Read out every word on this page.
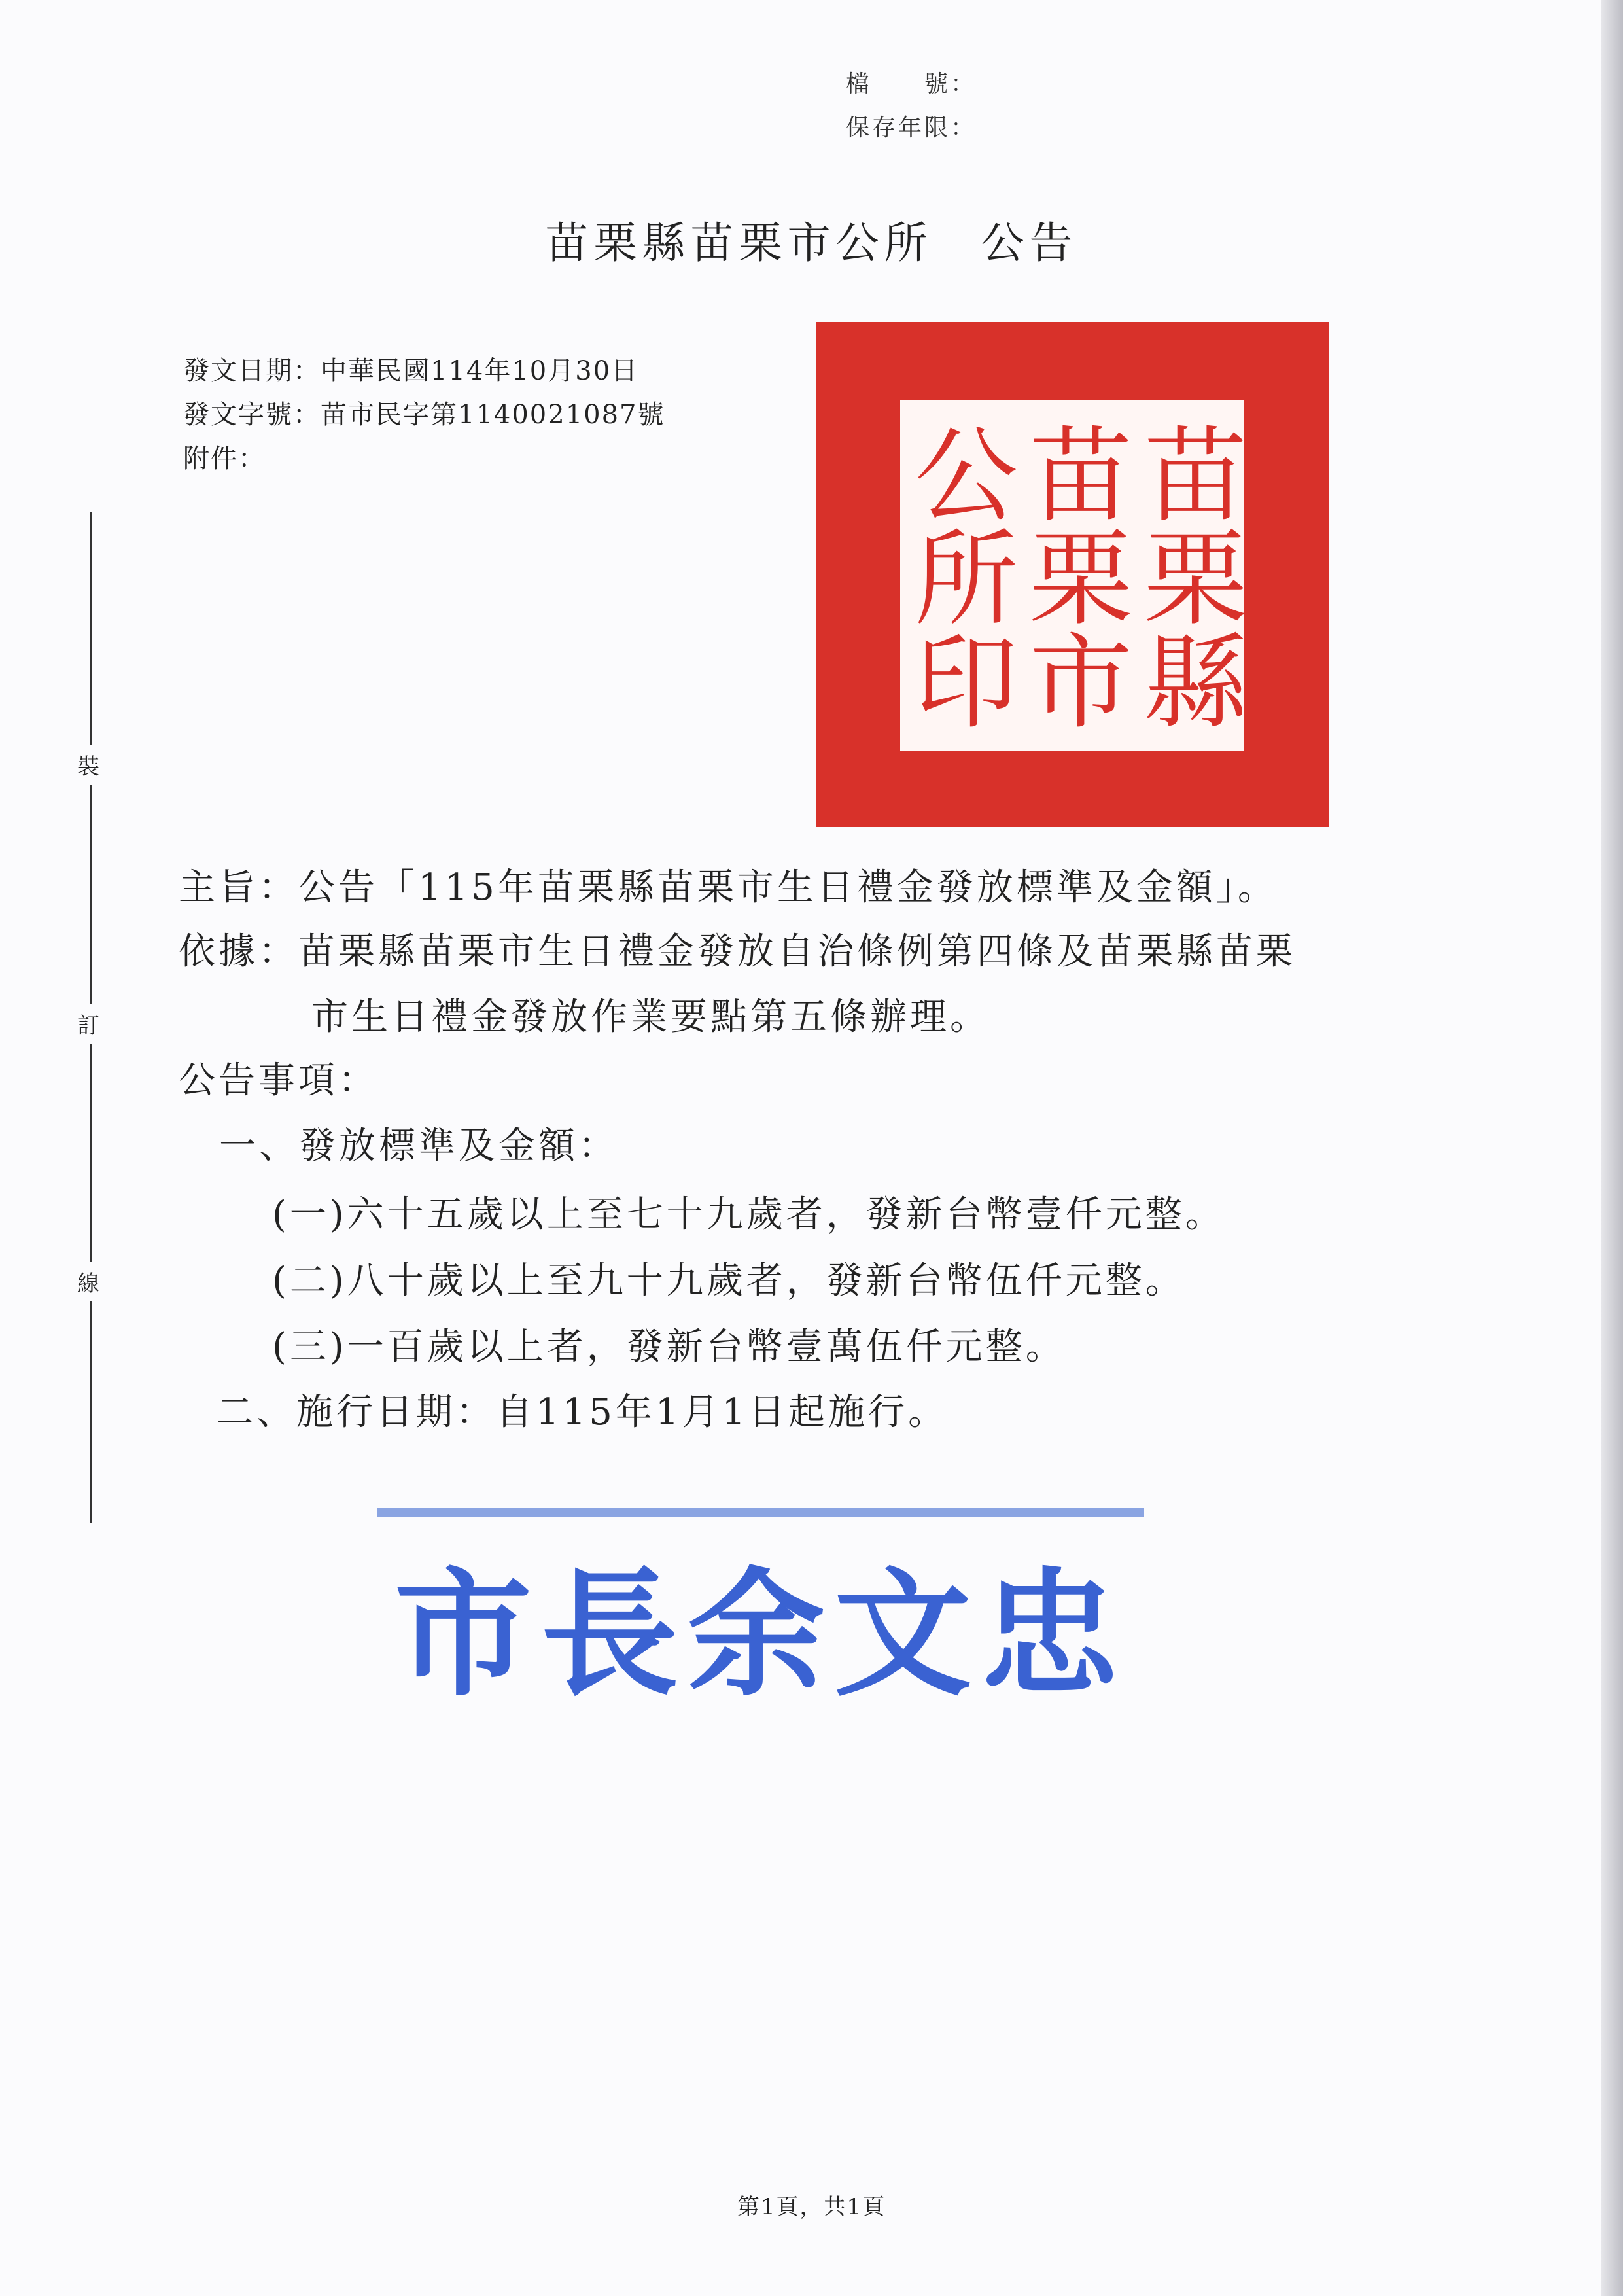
檔　　號：
保存年限：
苗栗縣苗栗市公所　公告
發文日期：中華民國114年10月30日
發文字號：苗市民字第1140021087號
附件：	苗栗縣
苗栗市
公所印
裝
訂
線
主旨：公告「115年苗栗縣苗栗市生日禮金發放標準及金額」。
依據：苗栗縣苗栗市生日禮金發放自治條例第四條及苗栗縣苗栗
市生日禮金發放作業要點第五條辦理。
公告事項：
一、發放標準及金額：
(一)六十五歲以上至七十九歲者，發新台幣壹仟元整。
(二)八十歲以上至九十九歲者，發新台幣伍仟元整。
(三)一百歲以上者，發新台幣壹萬伍仟元整。
二、施行日期：自115年1月1日起施行。
市長余文忠
第1頁，共1頁
